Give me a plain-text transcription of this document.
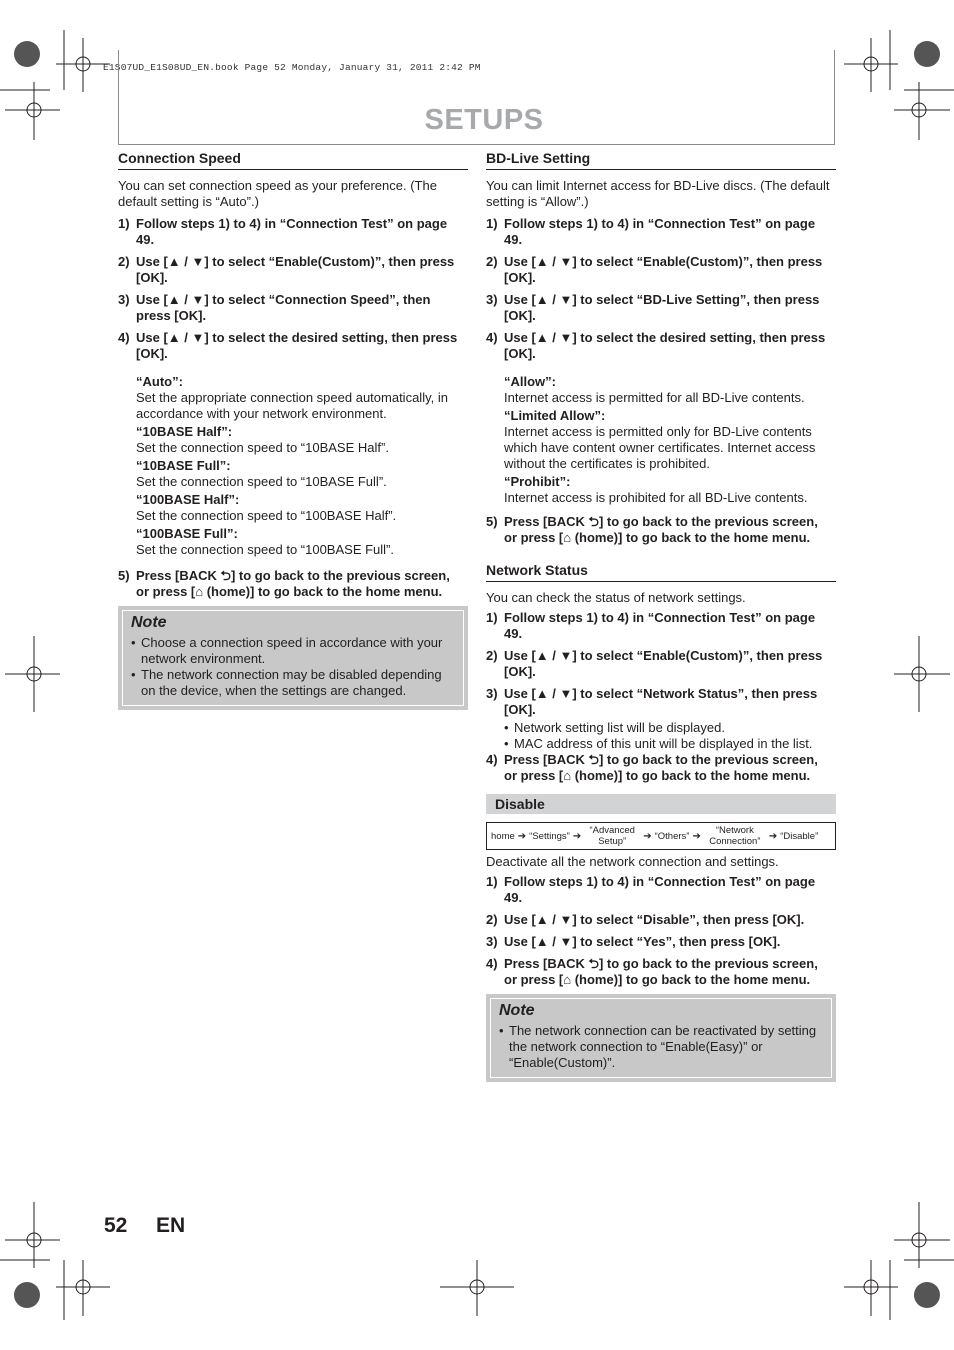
E1S07UD_E1S08UD_EN.book Page 52 Monday, January 31, 2011 2:42 PM
SETUPS
Connection Speed

You can set connection speed as your preference. (The default setting is “Auto”.)

1) Follow steps 1) to 4) in “Connection Test” on page 49.
2) Use [▲ / ▼] to select “Enable(Custom)”, then press [OK].
3) Use [▲ / ▼] to select “Connection Speed”, then press [OK].
4) Use [▲ / ▼] to select the desired setting, then press [OK].
“Auto”:
Set the appropriate connection speed automatically, in accordance with your network environment.
“10BASE Half”:
Set the connection speed to “10BASE Half”.
“10BASE Full”:
Set the connection speed to “10BASE Full”.
“100BASE Half”:
Set the connection speed to “100BASE Half”.
“100BASE Full”:
Set the connection speed to “100BASE Full”.
5) Press [BACK ⮌] to go back to the previous screen,
or press [⌂ (home)] to go back to the home menu.
Note
• Choose a connection speed in accordance with your network environment.
• The network connection may be disabled depending on the device, when the settings are changed.
BD-Live Setting

You can limit Internet access for BD-Live discs. (The default setting is “Allow”.)

1) Follow steps 1) to 4) in “Connection Test” on page 49.
2) Use [▲ / ▼] to select “Enable(Custom)”, then press [OK].
3) Use [▲ / ▼] to select “BD-Live Setting”, then press [OK].
4) Use [▲ / ▼] to select the desired setting, then press [OK].
“Allow”:
Internet access is permitted for all BD-Live contents.
“Limited Allow”:
Internet access is permitted only for BD-Live contents which have content owner certificates. Internet access without the certificates is prohibited.
“Prohibit”:
Internet access is prohibited for all BD-Live contents.
5) Press [BACK ⮌] to go back to the previous screen,
or press [⌂ (home)] to go back to the home menu.
Network Status

You can check the status of network settings.

1) Follow steps 1) to 4) in “Connection Test” on page 49.
2) Use [▲ / ▼] to select “Enable(Custom)”, then press [OK].
3) Use [▲ / ▼] to select “Network Status”, then press [OK].
• Network setting list will be displayed.
• MAC address of this unit will be displayed in the list.
4) Press [BACK ⮌] to go back to the previous screen,
or press [⌂ (home)] to go back to the home menu.
Disable
home ➔ “Settings” ➔ “Advanced Setup”	➔ “Others” ➔	“Network Connection” ➔ “Disable”

Deactivate all the network connection and settings.

1) Follow steps 1) to 4) in “Connection Test” on page 49.
2) Use [▲ / ▼] to select “Disable”, then press [OK].
3) Use [▲ / ▼] to select “Yes”, then press [OK].
4) Press [BACK ⮌] to go back to the previous screen,
or press [⌂ (home)] to go back to the home menu.
Note
• The network connection can be reactivated by setting the network connection to “Enable(Easy)” or “Enable(Custom)”.
52 EN
